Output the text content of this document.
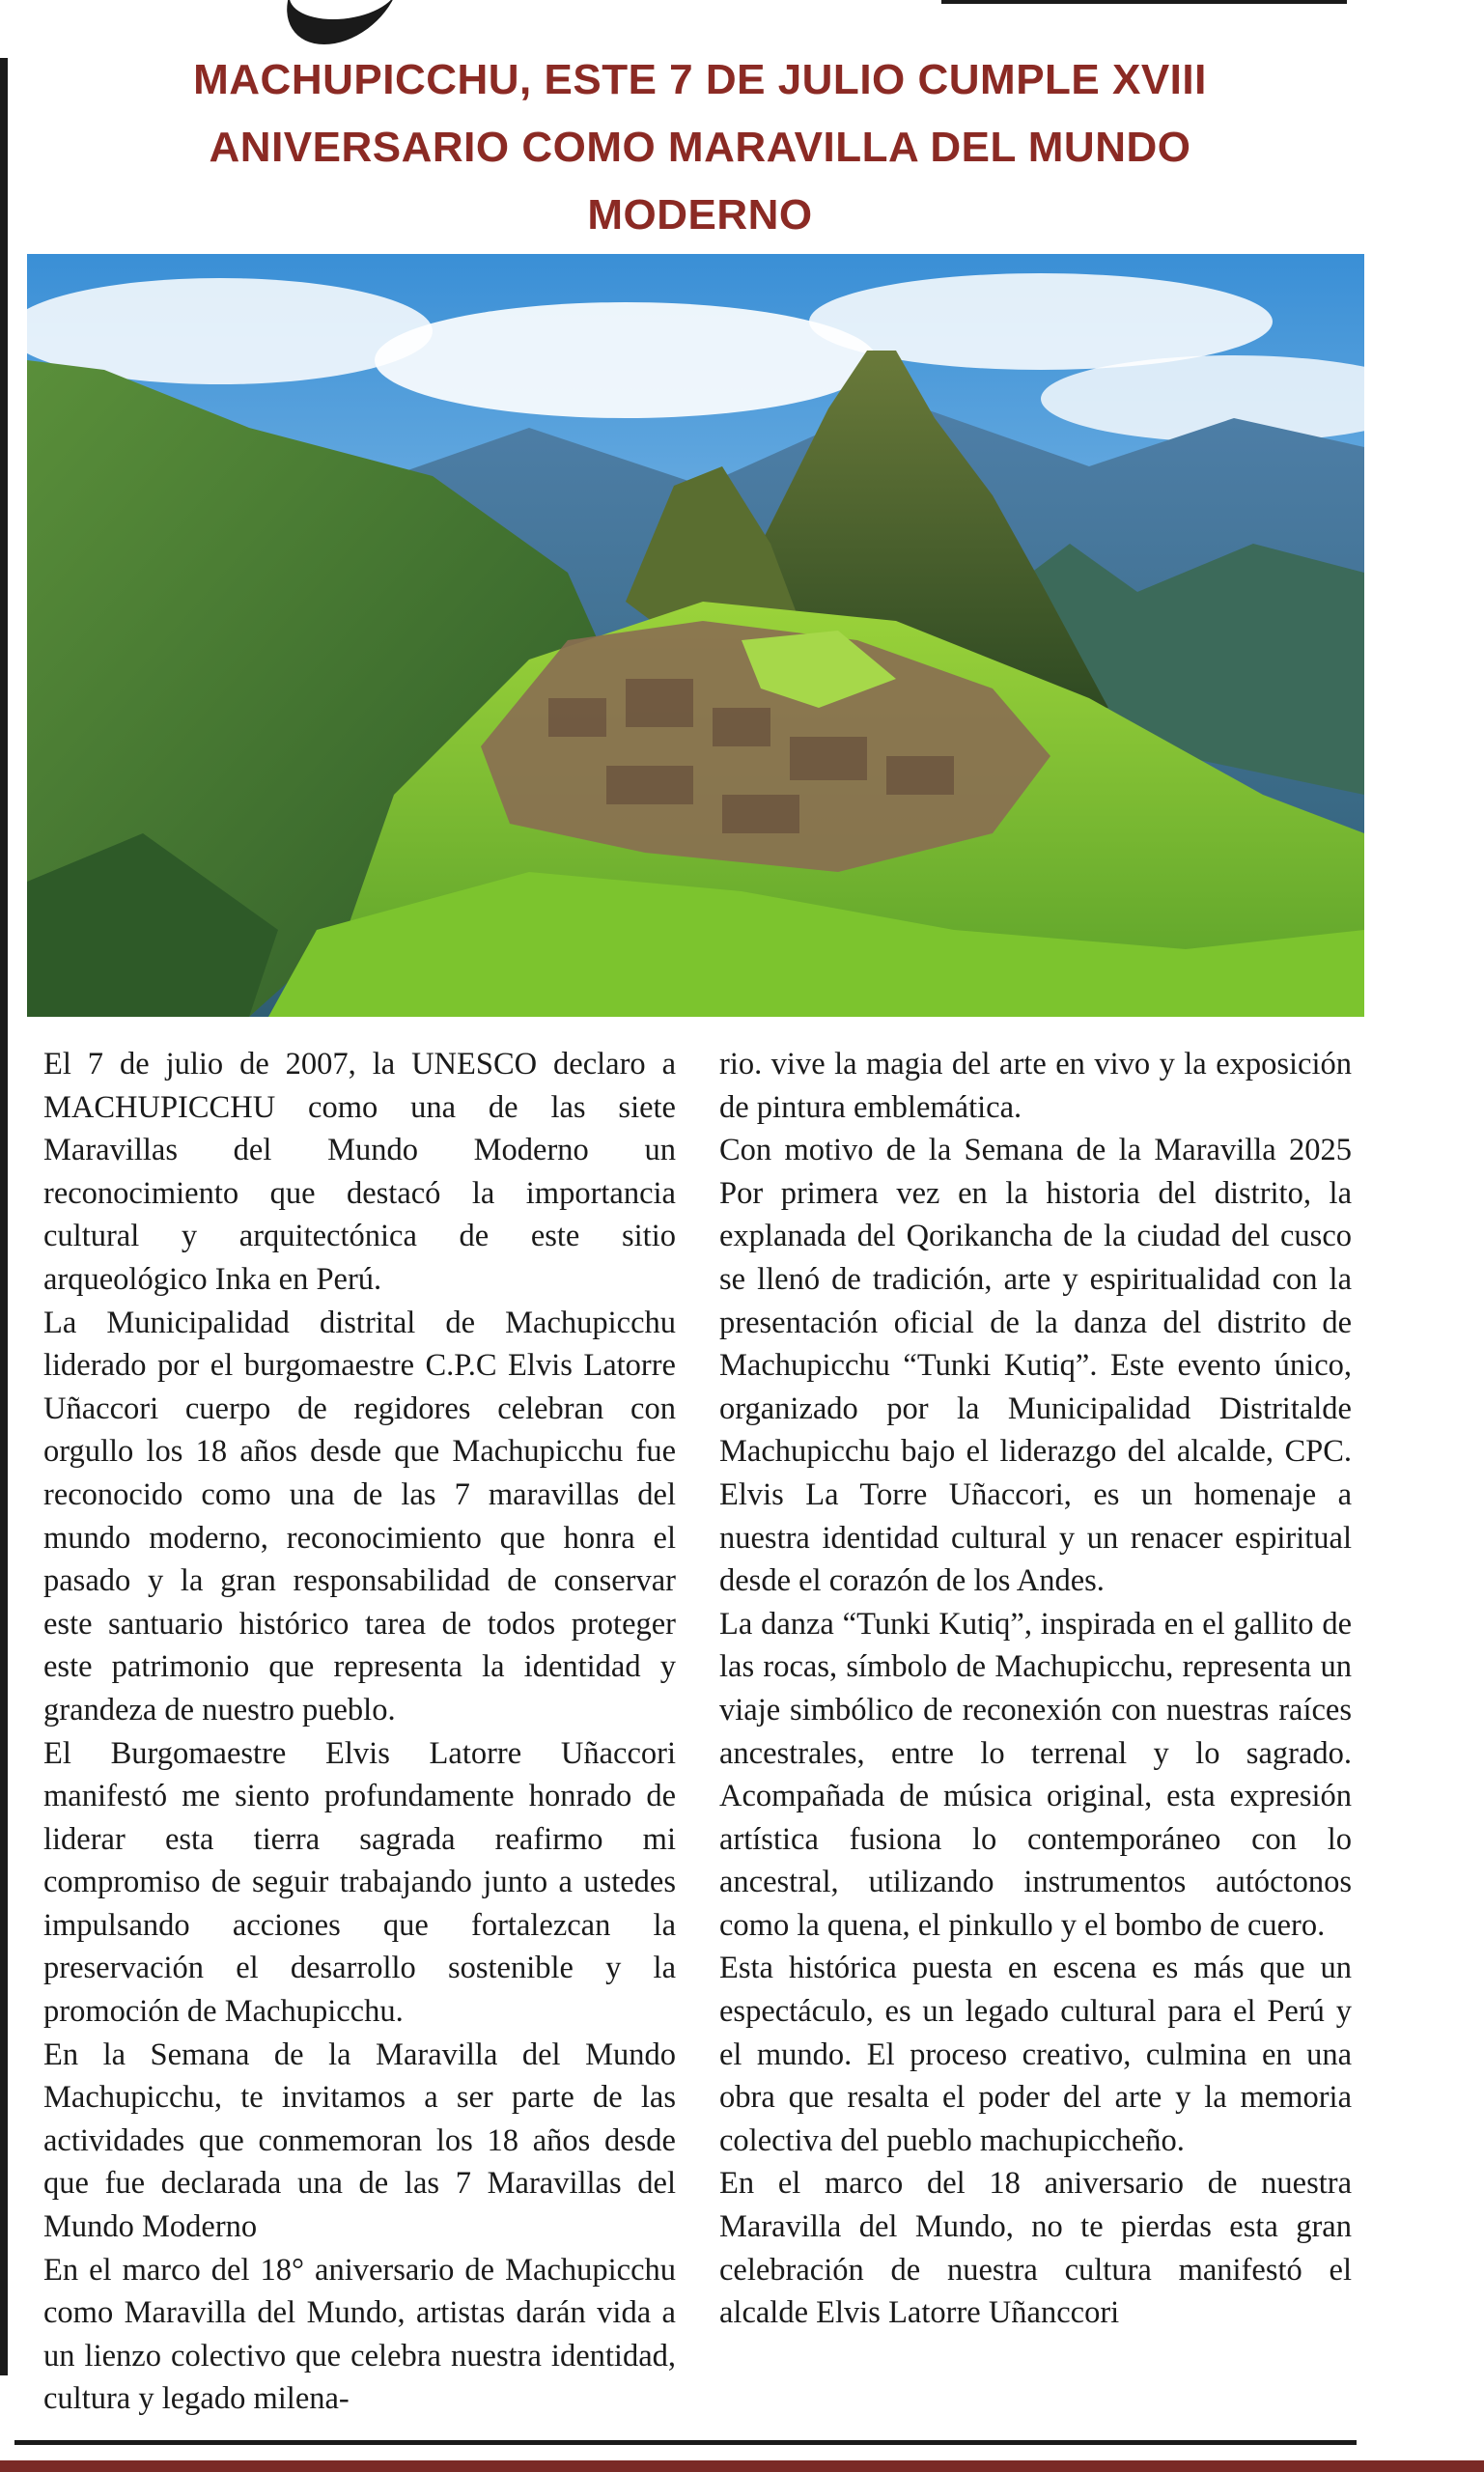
MACHUPICCHU, ESTE 7 DE JULIO CUMPLE XVIII ANIVERSARIO COMO MARAVILLA DEL MUNDO MODERNO

El 7 de julio de 2007, la UNESCO declaro a MACHUPICCHU como una de las siete Maravillas del Mundo Moderno un reconocimiento que destacó la importancia cultural y arquitectónica de este sitio arqueológico Inka en Perú.

La Municipalidad distrital de Machupicchu liderado por el burgomaestre C.P.C Elvis Latorre Uñaccori cuerpo de regidores celebran con orgullo los 18 años desde que Machupicchu fue reconocido como una de las 7 maravillas del mundo moderno, reconocimiento que honra el pasado y la gran responsabilidad de conservar este santuario histórico tarea de todos proteger este patrimonio que representa la identidad y grandeza de nuestro pueblo.

El Burgomaestre Elvis Latorre Uñaccori manifestó me siento profundamente honrado de liderar esta tierra sagrada reafirmo mi compromiso de seguir trabajando junto a ustedes impulsando acciones que fortalezcan la preservación el desarrollo sostenible y la promoción de Machupicchu.

En la Semana de la Maravilla del Mundo Machupicchu, te invitamos a ser parte de las actividades que conmemoran los 18 años desde que fue declarada una de las 7 Maravillas del Mundo Moderno

En el marco del 18° aniversario de Machupicchu como Maravilla del Mundo, artistas darán vida a un lienzo colectivo que celebra nuestra identidad, cultura y legado milena-

rio. vive la magia del arte en vivo y la exposición de pintura emblemática.

Con motivo de la Semana de la Maravilla 2025 Por primera vez en la historia del distrito, la explanada del Qorikancha de la ciudad del cusco se llenó de tradición, arte y espiritualidad con la presentación oficial de la danza del distrito de Machupicchu “Tunki Kutiq”. Este evento único, organizado por la Municipalidad Distritalde Machupicchu bajo el liderazgo del alcalde, CPC. Elvis La Torre Uñaccori, es un homenaje a nuestra identidad cultural y un renacer espiritual desde el corazón de los Andes.

La danza “Tunki Kutiq”, inspirada en el gallito de las rocas, símbolo de Machupicchu, representa un viaje simbólico de reconexión con nuestras raíces ancestrales, entre lo terrenal y lo sagrado. Acompañada de música original, esta expresión artística fusiona lo contemporáneo con lo ancestral, utilizando instrumentos autóctonos como la quena, el pinkullo y el bombo de cuero.

Esta histórica puesta en escena es más que un espectáculo, es un legado cultural para el Perú y el mundo. El proceso creativo, culmina en una obra que resalta el poder del arte y la memoria colectiva del pueblo machupiccheño.

En el marco del 18 aniversario de nuestra Maravilla del Mundo, no te pierdas esta gran celebración de nuestra cultura manifestó el alcalde Elvis Latorre Uñanccori
